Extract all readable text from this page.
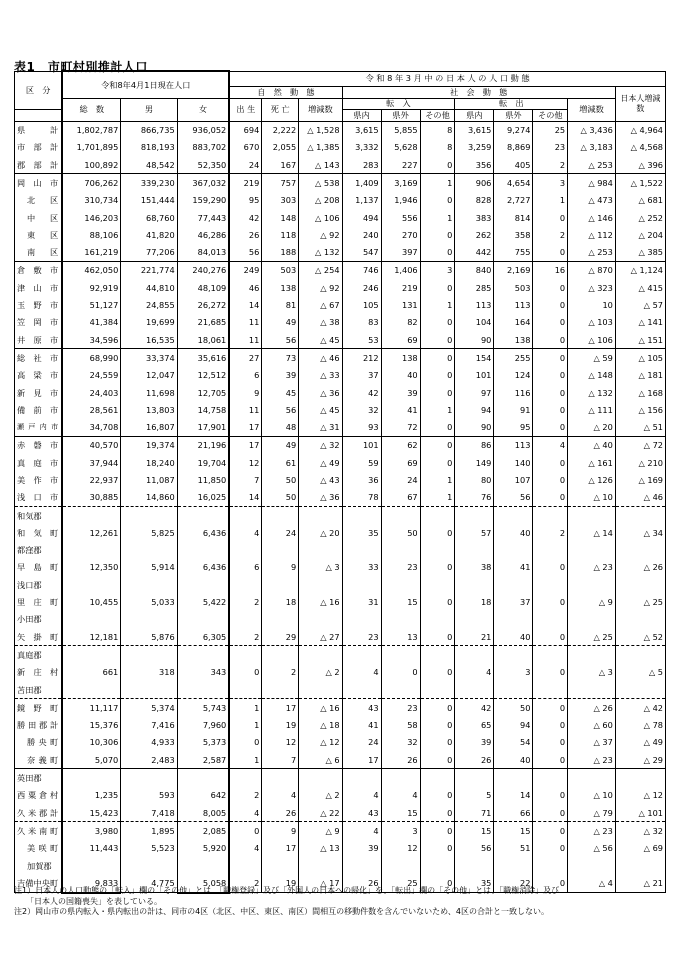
表1　市町村別推計人口
区　分	令和8年4月1日現在人口			令 和 8 年 3 月 中 の 日 本 人 の 人 口 動 態										
				自　然　動　態			社　会　動　態							日本人増減数
	総　数	男	女	出 生	死 亡	増減数	転　入			転　出			増減数	
							県内	県外	その他	県内	県外	その他		
県　計	1,802,787	866,735	936,052	694	2,222	△ 1,528	3,615	5,855	8	3,615	9,274	25	△ 3,436	△ 4,964
市 部 計	1,701,895	818,193	883,702	670	2,055	△ 1,385	3,332	5,628	8	3,259	8,869	23	△ 3,183	△ 4,568
郡 部 計	100,892	48,542	52,350	24	167	△ 143	283	227	0	356	405	2	△ 253	△ 396
岡山市	706,262	339,230	367,032	219	757	△ 538	1,409	3,169	1	906	4,654	3	△ 984	△ 1,522
北　区	310,734	151,444	159,290	95	303	△ 208	1,137	1,946	0	828	2,727	1	△ 473	△ 681
中　区	146,203	68,760	77,443	42	148	△ 106	494	556	1	383	814	0	△ 146	△ 252
東　区	88,106	41,820	46,286	26	118	△ 92	240	270	0	262	358	2	△ 112	△ 204
南　区	161,219	77,206	84,013	56	188	△ 132	547	397	0	442	755	0	△ 253	△ 385
倉敷市	462,050	221,774	240,276	249	503	△ 254	746	1,406	3	840	2,169	16	△ 870	△ 1,124
津山市	92,919	44,810	48,109	46	138	△ 92	246	219	0	285	503	0	△ 323	△ 415
玉野市	51,127	24,855	26,272	14	81	△ 67	105	131	1	113	113	0	10	△ 57
笠岡市	41,384	19,699	21,685	11	49	△ 38	83	82	0	104	164	0	△ 103	△ 141
井原市	34,596	16,535	18,061	11	56	△ 45	53	69	0	90	138	0	△ 106	△ 151
総社市	68,990	33,374	35,616	27	73	△ 46	212	138	0	154	255	0	△ 59	△ 105
高梁市	24,559	12,047	12,512	6	39	△ 33	37	40	0	101	124	0	△ 148	△ 181
新見市	24,403	11,698	12,705	9	45	△ 36	42	39	0	97	116	0	△ 132	△ 168
備前市	28,561	13,803	14,758	11	56	△ 45	32	41	1	94	91	0	△ 111	△ 156
瀬戸内市	34,708	16,807	17,901	17	48	△ 31	93	72	0	90	95	0	△ 20	△ 51
赤磐市	40,570	19,374	21,196	17	49	△ 32	101	62	0	86	113	4	△ 40	△ 72
真庭市	37,944	18,240	19,704	12	61	△ 49	59	69	0	149	140	0	△ 161	△ 210
美作市	22,937	11,087	11,850	7	50	△ 43	36	24	1	80	107	0	△ 126	△ 169
浅口市	30,885	14,860	16,025	14	50	△ 36	78	67	1	76	56	0	△ 10	△ 46
和気郡														
和気町	12,261	5,825	6,436	4	24	△ 20	35	50	0	57	40	2	△ 14	△ 34
都窪郡														
早島町	12,350	5,914	6,436	6	9	△ 3	33	23	0	38	41	0	△ 23	△ 26
浅口郡														
里庄町	10,455	5,033	5,422	2	18	△ 16	31	15	0	18	37	0	△ 9	△ 25
小田郡														
矢掛町	12,181	5,876	6,305	2	29	△ 27	23	13	0	21	40	0	△ 25	△ 52
真庭郡														
新庄村	661	318	343	0	2	△ 2	4	0	0	4	3	0	△ 3	△ 5
苫田郡														
鏡野町	11,117	5,374	5,743	1	17	△ 16	43	23	0	42	50	0	△ 26	△ 42
勝田郡計	15,376	7,416	7,960	1	19	△ 18	41	58	0	65	94	0	△ 60	△ 78
勝央町	10,306	4,933	5,373	0	12	△ 12	24	32	0	39	54	0	△ 37	△ 49
奈義町	5,070	2,483	2,587	1	7	△ 6	17	26	0	26	40	0	△ 23	△ 29
英田郡														
西粟倉村	1,235	593	642	2	4	△ 2	4	4	0	5	14	0	△ 10	△ 12
久米郡計	15,423	7,418	8,005	4	26	△ 22	43	15	0	71	66	0	△ 79	△ 101
久米南町	3,980	1,895	2,085	0	9	△ 9	4	3	0	15	15	0	△ 23	△ 32
美咲町	11,443	5,523	5,920	4	17	△ 13	39	12	0	56	51	0	△ 56	△ 69
加賀郡														
吉備中央町	9,833	4,775	5,058	2	19	△ 17	26	25	0	35	22	0	△ 4	△ 21
注1）日本人の人口動態の「転入」欄の「その他」とは、「職権登録」及び「外国人の日本への帰化」を、「転出」欄の「その他」とは、「職権消除」及び
　　「日本人の国籍喪失」を表している。
注2）岡山市の県内転入・県内転出の計は、同市の4区（北区、中区、東区、南区）間相互の移動件数を含んでいないため、4区の合計と一致しない。
